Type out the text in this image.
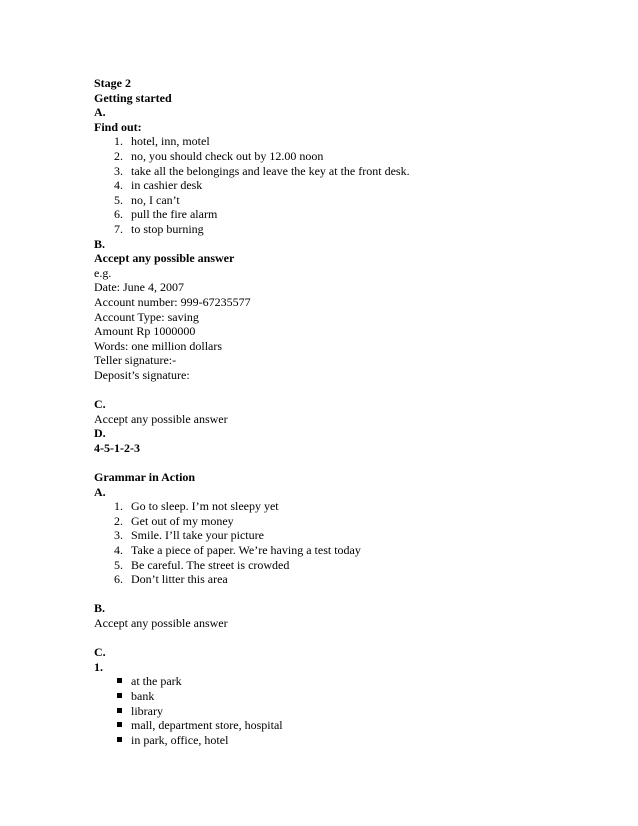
Stage 2
Getting started
A.
Find out:
1. hotel, inn, motel
2. no, you should check out by 12.00 noon
3. take all the belongings and leave the key at the front desk.
4. in cashier desk
5. no, I can’t
6. pull the fire alarm
7. to stop burning
B.
Accept any possible answer
e.g.
Date: June 4, 2007
Account number: 999-67235577
Account Type: saving
Amount Rp 1000000
Words: one million dollars
Teller signature:-
Deposit’s signature:
C.
Accept any possible answer
D.
4-5-1-2-3
Grammar in Action
A.
1. Go to sleep. I’m not sleepy yet
2. Get out of my money
3. Smile. I’ll take your picture
4. Take a piece of paper. We’re having a test today
5. Be careful. The street is crowded
6. Don’t litter this area
B.
Accept any possible answer
C.
1.
at the park
bank
library
mall, department store, hospital
in park, office, hotel
